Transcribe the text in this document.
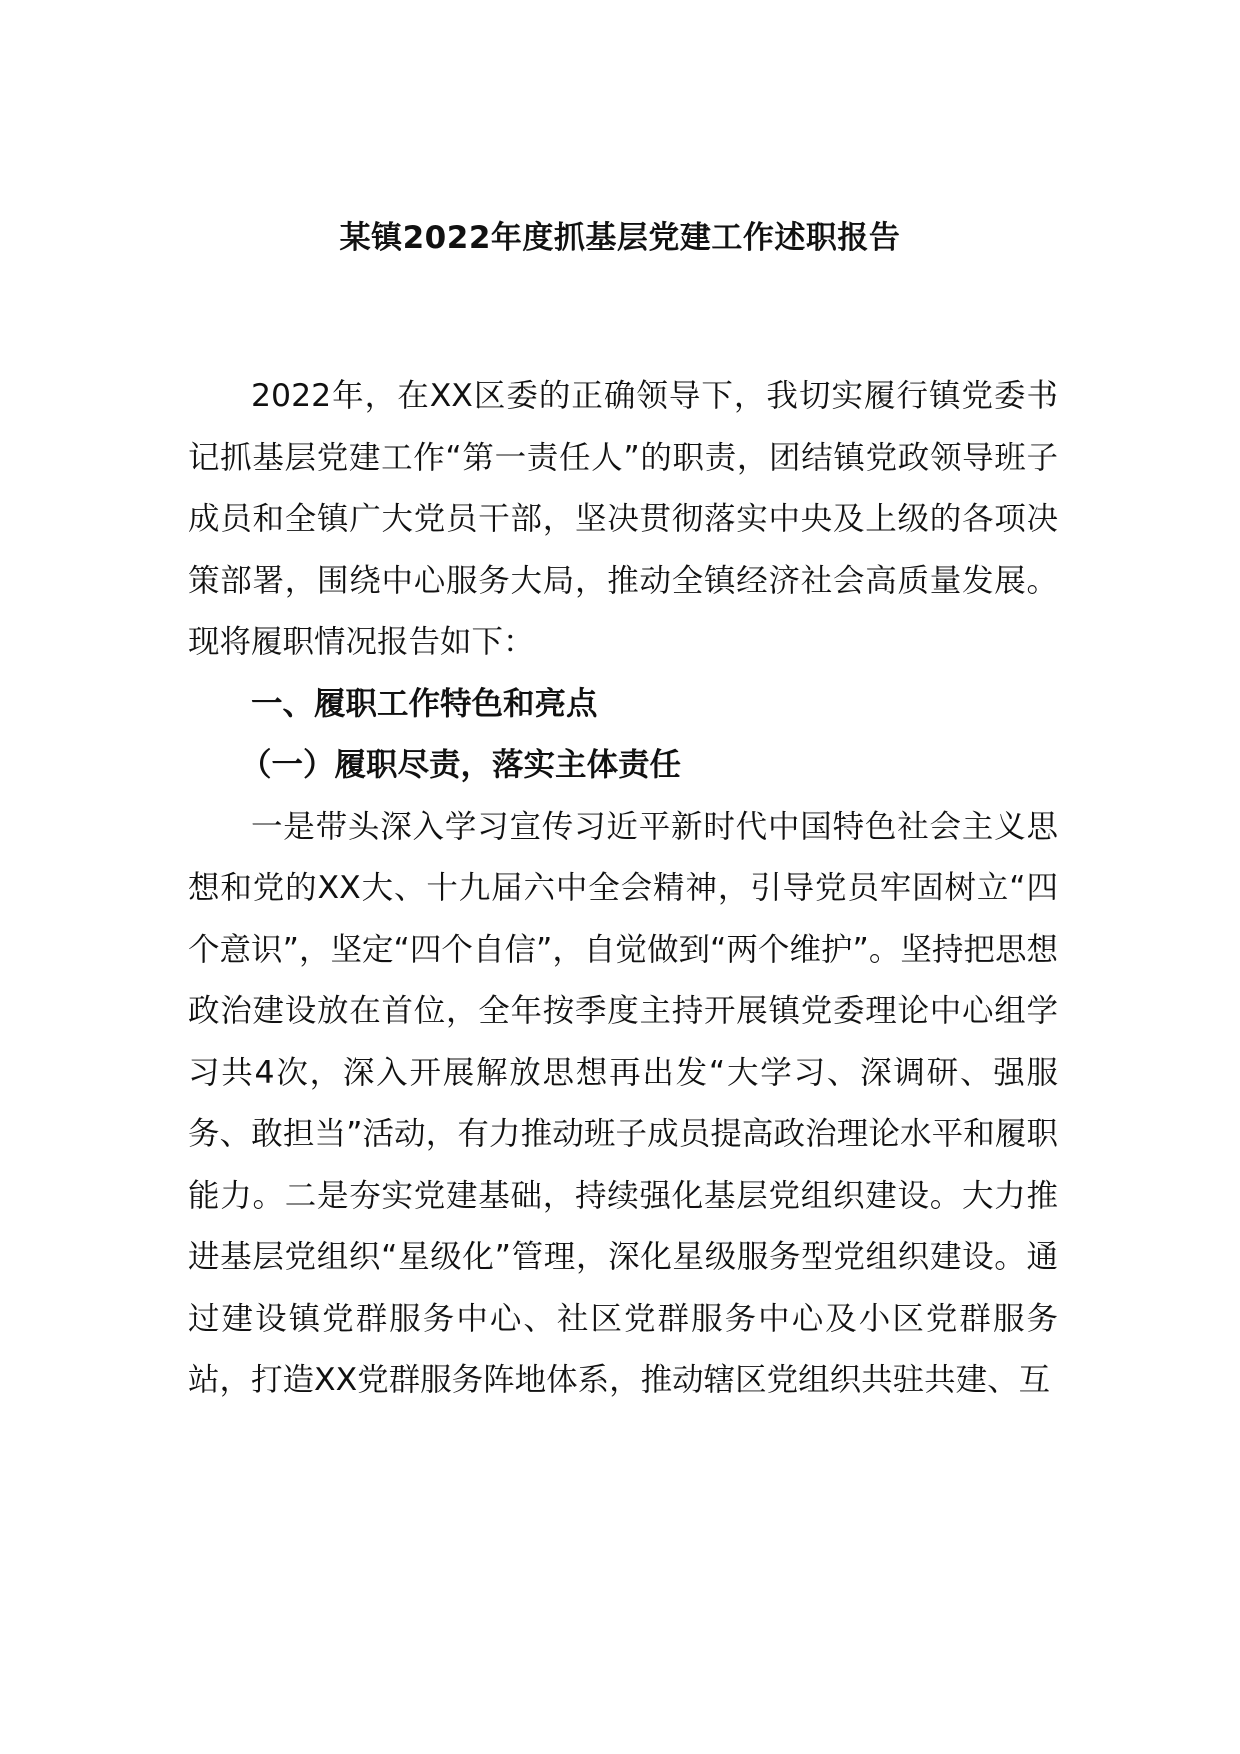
某镇2022年度抓基层党建工作述职报告

2022年，在XX区委的正确领导下，我切实履行镇党委书记抓基层党建工作“第一责任人”的职责，团结镇党政领导班子成员和全镇广大党员干部，坚决贯彻落实中央及上级的各项决策部署，围绕中心服务大局，推动全镇经济社会高质量发展。现将履职情况报告如下：

一、履职工作特色和亮点

（一）履职尽责，落实主体责任

一是带头深入学习宣传习近平新时代中国特色社会主义思想和党的XX大、十九届六中全会精神，引导党员牢固树立“四个意识”，坚定“四个自信”，自觉做到“两个维护”。坚持把思想政治建设放在首位，全年按季度主持开展镇党委理论中心组学习共4次，深入开展解放思想再出发“大学习、深调研、强服务、敢担当”活动，有力推动班子成员提高政治理论水平和履职能力。二是夯实党建基础，持续强化基层党组织建设。大力推进基层党组织“星级化”管理，深化星级服务型党组织建设。通过建设镇党群服务中心、社区党群服务中心及小区党群服务站，打造XX党群服务阵地体系，推动辖区党组织共驻共建、互
